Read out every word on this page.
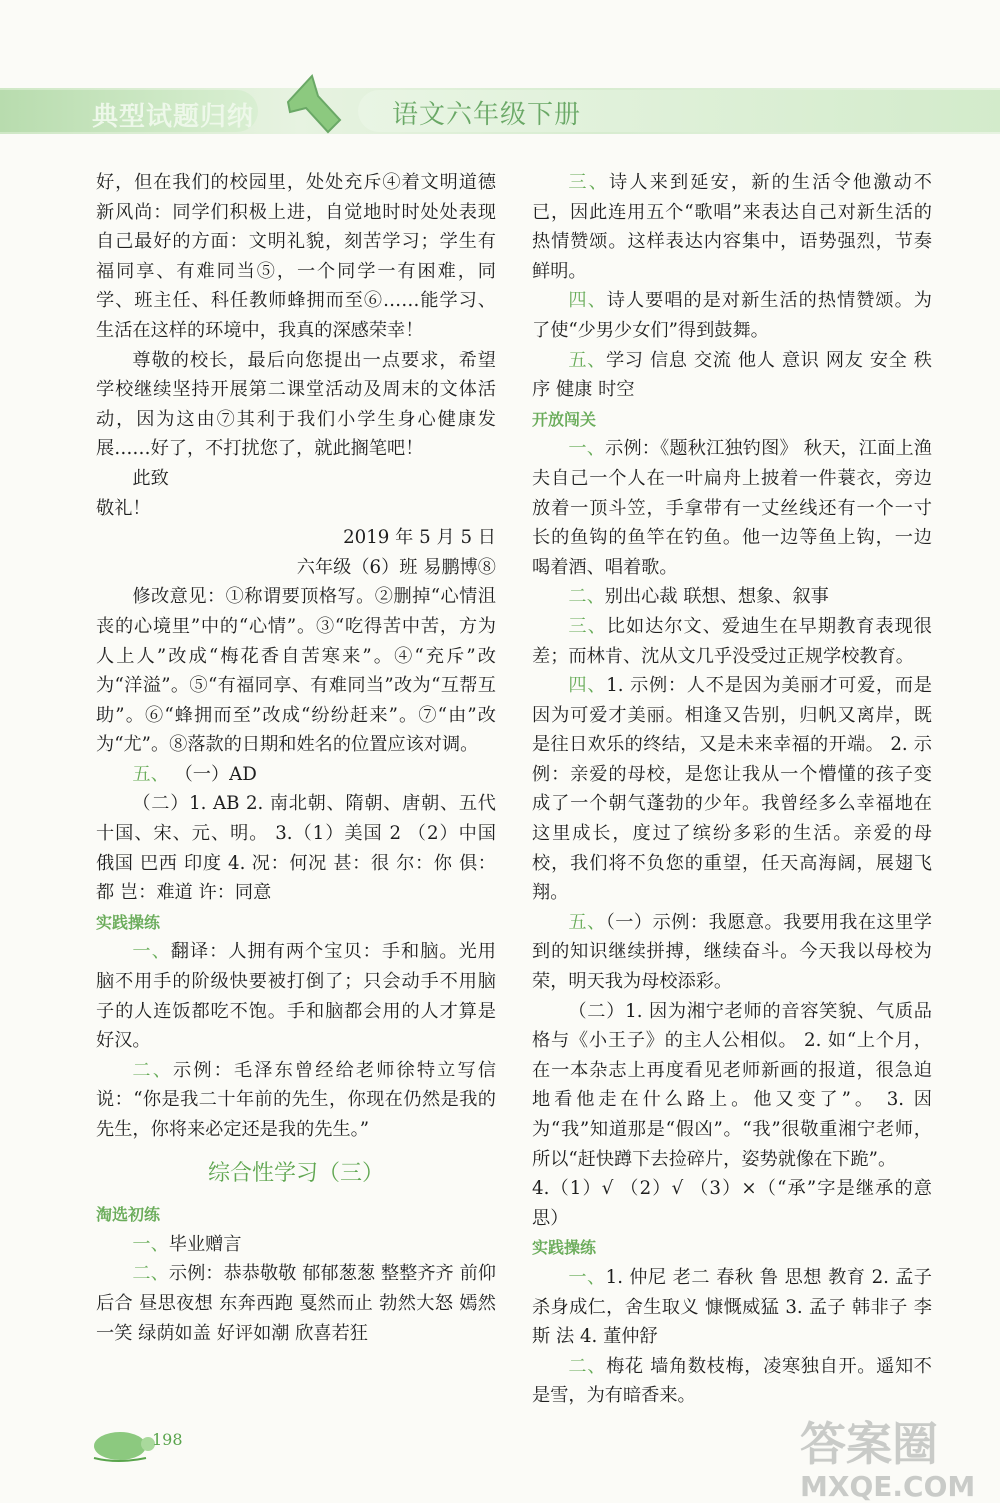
典型试题归纳	语文六年级下册

好，但在我们的校园里，处处充斥④着文明道德新风尚：同学们积极上进，自觉地时时处处表现自己最好的方面：文明礼貌，刻苦学习；学生有福同享、有难同当⑤，一个同学一有困难，同学、班主任、科任教师蜂拥而至⑥……能学习、生活在这样的环境中，我真的深感荣幸！

尊敬的校长，最后向您提出一点要求，希望学校继续坚持开展第二课堂活动及周末的文体活动，因为这由⑦其利于我们小学生身心健康发展……好了，不打扰您了，就此搁笔吧！

此致

敬礼！

2019 年 5 月 5 日

六年级（6）班 易鹏博⑧

修改意见：①称谓要顶格写。②删掉“心情沮丧的心境里”中的“心情”。③“吃得苦中苦，方为人上人”改成“梅花香自苦寒来”。④“充斥”改为“洋溢”。⑤“有福同享、有难同当”改为“互帮互助”。⑥“蜂拥而至”改成“纷纷赶来”。⑦“由”改为“尤”。⑧落款的日期和姓名的位置应该对调。

五、 （一）AD

（二）1. AB 2. 南北朝、隋朝、唐朝、五代十国、宋、元、明。 3.（1）美国 2 （2）中国 俄国 巴西 印度 4. 况：何况 甚：很 尔：你 俱：都 岂：难道 许：同意

实践操练

一、翻译：人拥有两个宝贝：手和脑。光用脑不用手的阶级快要被打倒了；只会动手不用脑子的人连饭都吃不饱。手和脑都会用的人才算是好汉。

二、示例：毛泽东曾经给老师徐特立写信说：“你是我二十年前的先生，你现在仍然是我的先生，你将来必定还是我的先生。”

综合性学习（三）

淘选初练

一、毕业赠言

二、示例：恭恭敬敬 郁郁葱葱 整整齐齐 前仰后合 昼思夜想 东奔西跑 戛然而止 勃然大怒 嫣然一笑 绿荫如盖 好评如潮 欣喜若狂

三、诗人来到延安，新的生活令他激动不已，因此连用五个“歌唱”来表达自己对新生活的热情赞颂。这样表达内容集中，语势强烈，节奏鲜明。

四、诗人要唱的是对新生活的热情赞颂。为了使“少男少女们”得到鼓舞。

五、学习 信息 交流 他人 意识 网友 安全 秩序 健康 时空

开放闯关

一、示例：《题秋江独钓图》 秋天，江面上渔夫自己一个人在一叶扁舟上披着一件蓑衣，旁边放着一顶斗笠，手拿带有一丈丝线还有一个一寸长的鱼钩的鱼竿在钓鱼。他一边等鱼上钩，一边喝着酒、唱着歌。

二、别出心裁 联想、想象、叙事

三、比如达尔文、爱迪生在早期教育表现很差；而林肯、沈从文几乎没受过正规学校教育。

四、1. 示例：人不是因为美丽才可爱，而是因为可爱才美丽。相逢又告别，归帆又离岸，既是往日欢乐的终结，又是未来幸福的开端。 2. 示例：亲爱的母校，是您让我从一个懵懂的孩子变成了一个朝气蓬勃的少年。我曾经多么幸福地在这里成长，度过了缤纷多彩的生活。亲爱的母校，我们将不负您的重望，任天高海阔，展翅飞翔。

五、（一）示例：我愿意。我要用我在这里学到的知识继续拼搏，继续奋斗。今天我以母校为荣，明天我为母校添彩。

（二）1. 因为湘宁老师的音容笑貌、气质品格与《小王子》的主人公相似。 2. 如“上个月，在一本杂志上再度看见老师新画的报道，很急迫地看他走在什么路上。他又变了”。 3. 因为“我”知道那是“假凶”。“我”很敬重湘宁老师，所以“赶快蹲下去捡碎片，姿势就像在下跪”。

4.（1）√ （2）√ （3）×（“承”字是继承的意思）

实践操练

一、1. 仲尼 老二 春秋 鲁 思想 教育 2. 孟子 杀身成仁，舍生取义 慷慨威猛 3. 孟子 韩非子 李斯 法 4. 董仲舒

二、梅花 墙角数枝梅，凌寒独自开。遥知不是雪，为有暗香来。

198	答案圈
MXQE.COM
